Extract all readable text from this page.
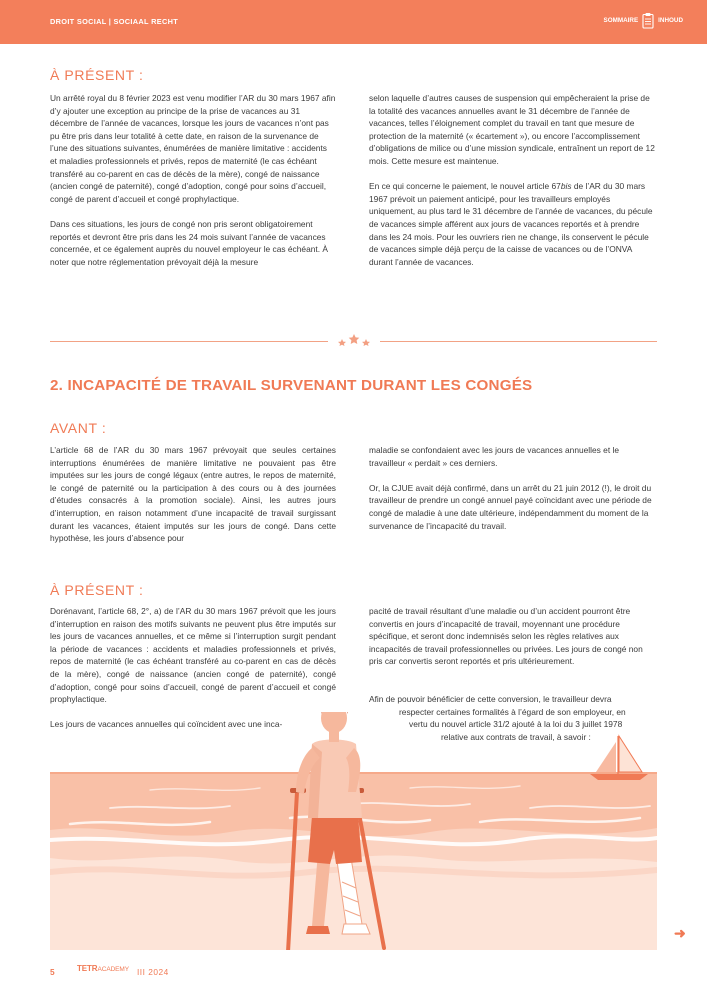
DROIT SOCIAL | SOCIAAL RECHT	SOMMAIRE	INHOUD
À PRÉSENT :

Un arrêté royal du 8 février 2023 est venu modifier l’AR du 30 mars 1967 afin d’y ajouter une exception au principe de la prise de vacances au 31 décembre de l’année de vacances, lorsque les jours de vacances n’ont pas pu être pris dans leur totalité à cette date, en raison de la survenance de l’une des situations suivantes, énumérées de manière limitative : accidents et maladies professionnels et privés, repos de maternité (le cas échéant transféré au co-parent en cas de décès de la mère), congé de naissance (ancien congé de paternité), congé d’adoption, congé pour soins d’accueil, congé de parent d’accueil et congé prophylactique.

Dans ces situations, les jours de congé non pris seront obligatoirement reportés et devront être pris dans les 24 mois suivant l’année de vacances concernée, et ce également auprès du nouvel employeur le cas échéant. À noter que notre réglementation prévoyait déjà la mesure

selon laquelle d’autres causes de suspension qui empêcheraient la prise de la totalité des vacances annuelles avant le 31 décembre de l’année de vacances, telles l’éloignement complet du travail en tant que mesure de protection de la maternité (« écartement »), ou encore l’accomplissement d’obligations de milice ou d’une mission syndicale, entraînent un report de 12 mois. Cette mesure est maintenue.

En ce qui concerne le paiement, le nouvel article 67bis de l’AR du 30 mars 1967 prévoit un paiement anticipé, pour les travailleurs employés uniquement, au plus tard le 31 décembre de l’année de vacances, du pécule de vacances simple afférent aux jours de vacances reportés et à prendre dans les 24 mois. Pour les ouvriers rien ne change, ils conservent le pécule de vacances simple déjà perçu de la caisse de vacances ou de l’ONVA durant l’année de vacances.

2. INCAPACITÉ DE TRAVAIL SURVENANT DURANT LES CONGÉS
AVANT :

L’article 68 de l’AR du 30 mars 1967 prévoyait que seules certaines interruptions énumérées de manière limitative ne pouvaient pas être imputées sur les jours de congé légaux (entre autres, le repos de maternité, le congé de paternité ou la participation à des cours ou à des journées d’études consacrés à la promotion sociale). Ainsi, les autres jours d’interruption, en raison notamment d’une incapacité de travail surgissant durant les vacances, étaient imputés sur les jours de congé. Dans cette hypothèse, les jours d’absence pour

maladie se confondaient avec les jours de vacances annuelles et le travailleur « perdait » ces derniers.

Or, la CJUE avait déjà confirmé, dans un arrêt du 21 juin 2012 (!), le droit du travailleur de prendre un congé annuel payé coïncidant avec une période de congé de maladie à une date ultérieure, indépendamment du moment de la survenance de l’incapacité du travail.

À PRÉSENT :

Dorénavant, l’article 68, 2°, a) de l’AR du 30 mars 1967 prévoit que les jours d’interruption en raison des motifs suivants ne peuvent plus être imputés sur les jours de vacances annuelles, et ce même si l’interruption surgit pendant la période de vacances : accidents et maladies professionnels et privés, repos de maternité (le cas échéant transféré au co-parent en cas de décès de la mère), congé de naissance (ancien congé de paternité), congé d’adoption, congé pour soins d’accueil, congé de parent d’accueil et congé prophylactique.

Les jours de vacances annuelles qui coïncident avec une inca-

pacité de travail résultant d’une maladie ou d’un accident pourront être convertis en jours d’incapacité de travail, moyennant une procédure spécifique, et seront donc indemnisés selon les règles relatives aux incapacités de travail professionnelles ou privées. Les jours de congé non pris car convertis seront reportés et pris ultérieurement.

Afin de pouvoir bénéficier de cette conversion, le travailleur devra
respecter certaines formalités à l’égard de son employeur, en
vertu du nouvel article 31/2 ajouté à la loi du 3 juillet 1978
relative aux contrats de travail, à savoir :
5	TETRACADEMY III 2024
➜
